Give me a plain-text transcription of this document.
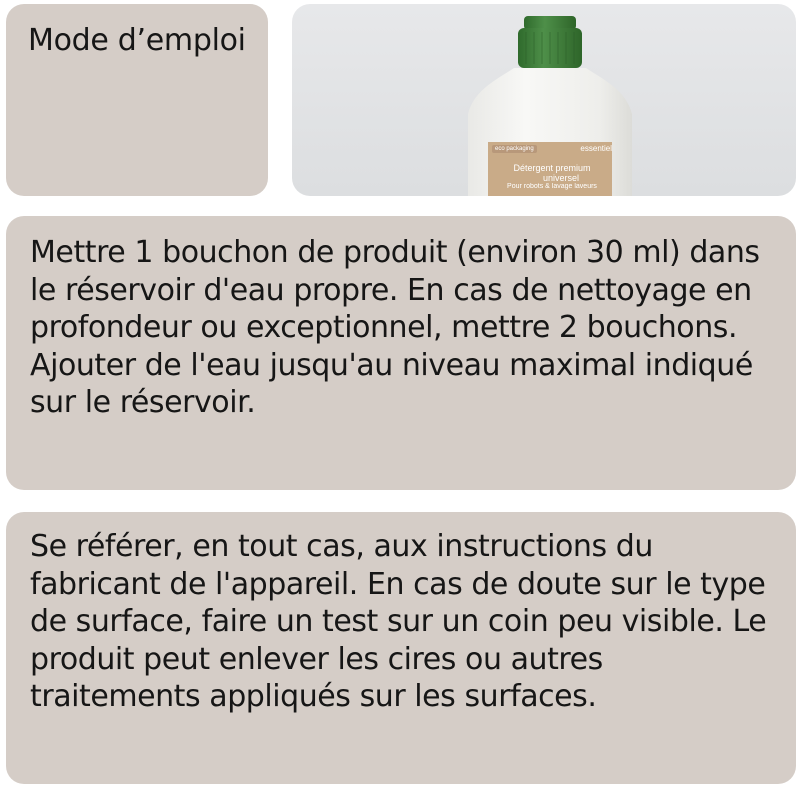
Mode d’emploi
eco packaging	essentiel
Détergent premium
universel
Pour robots & lavage laveurs

Mettre 1 bouchon de produit (environ 30 ml) dans le réservoir d'eau propre. En cas de nettoyage en profondeur ou exceptionnel, mettre 2 bouchons. Ajouter de l'eau jusqu'au niveau maximal indiqué sur le réservoir.

Se référer, en tout cas, aux instructions du fabricant de l'appareil. En cas de doute sur le type de surface, faire un test sur un coin peu visible. Le produit peut enlever les cires ou autres traitements appliqués sur les surfaces.
